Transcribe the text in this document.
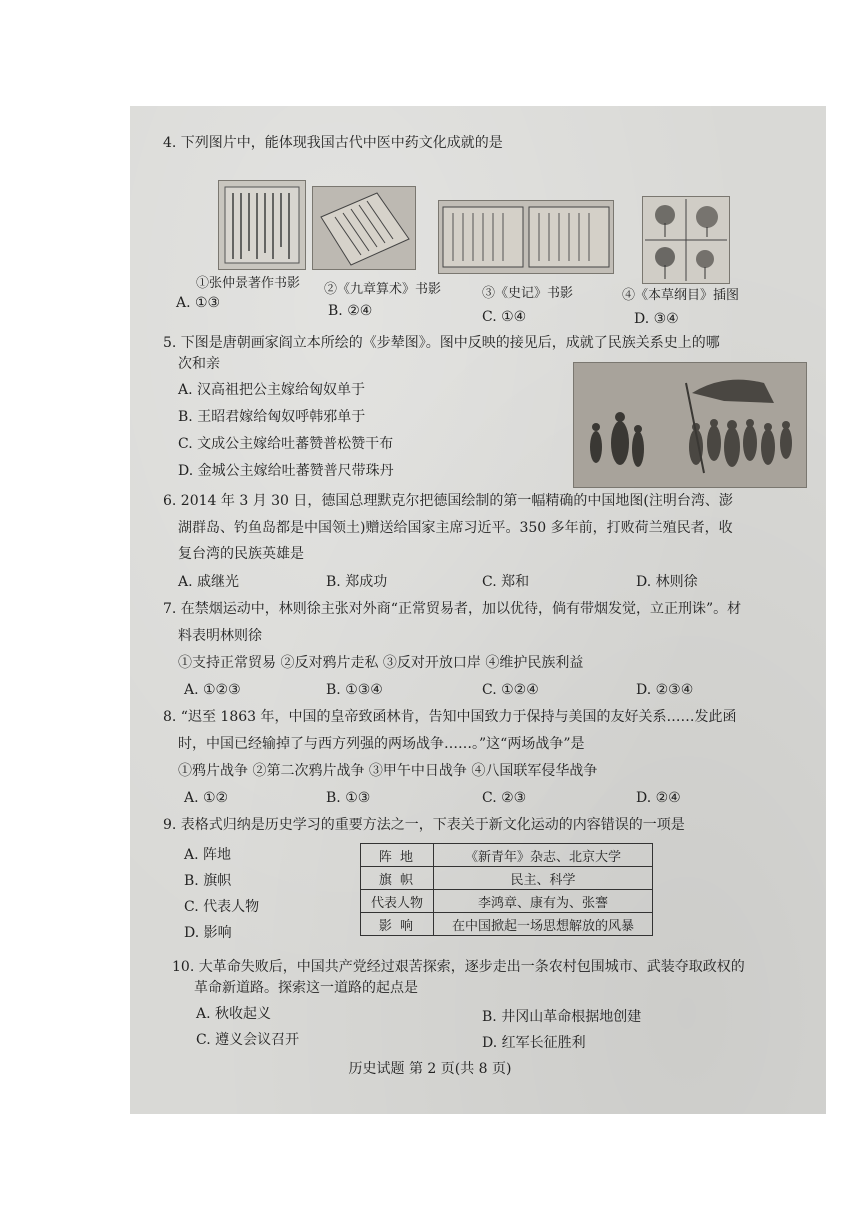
4. 下列图片中，能体现我国古代中医中药文化成就的是
①张仲景著作书影 ②《九章算术》书影	③《史记》书影	④《本草纲目》插图
A. ①③	B. ②④	C. ①④	D. ③④
5. 下图是唐朝画家阎立本所绘的《步辇图》。图中反映的接见后，成就了民族关系史上的哪
次和亲
A. 汉高祖把公主嫁给匈奴单于
B. 王昭君嫁给匈奴呼韩邪单于
C. 文成公主嫁给吐蕃赞普松赞干布
D. 金城公主嫁给吐蕃赞普尺带珠丹
6. 2014 年 3 月 30 日，德国总理默克尔把德国绘制的第一幅精确的中国地图(注明台湾、澎
湖群岛、钓鱼岛都是中国领土)赠送给国家主席习近平。350 多年前，打败荷兰殖民者，收
复台湾的民族英雄是
A. 戚继光	B. 郑成功	C. 郑和	D. 林则徐
7. 在禁烟运动中，林则徐主张对外商“正常贸易者，加以优待，倘有带烟发觉，立正刑诛”。材
料表明林则徐
①支持正常贸易 ②反对鸦片走私 ③反对开放口岸 ④维护民族利益
A. ①②③	B. ①③④	C. ①②④	D. ②③④
8. “迟至 1863 年，中国的皇帝致函林肯，告知中国致力于保持与美国的友好关系……发此函
时，中国已经输掉了与西方列强的两场战争……。”这“两场战争”是
①鸦片战争 ②第二次鸦片战争 ③甲午中日战争 ④八国联军侵华战争
A. ①②	B. ①③	C. ②③	D. ②④
9. 表格式归纳是历史学习的重要方法之一，下表关于新文化运动的内容错误的一项是
A. 阵地
B. 旗帜
C. 代表人物
D. 影响
阵 地	《新青年》杂志、北京大学
旗 帜	民主、科学
代表人物	李鸿章、康有为、张謇
影 响	在中国掀起一场思想解放的风暴
10. 大革命失败后，中国共产党经过艰苦探索，逐步走出一条农村包围城市、武装夺取政权的
革命新道路。探索这一道路的起点是
A. 秋收起义	B. 井冈山革命根据地创建
C. 遵义会议召开	D. 红军长征胜利
历史试题 第 2 页(共 8 页)
